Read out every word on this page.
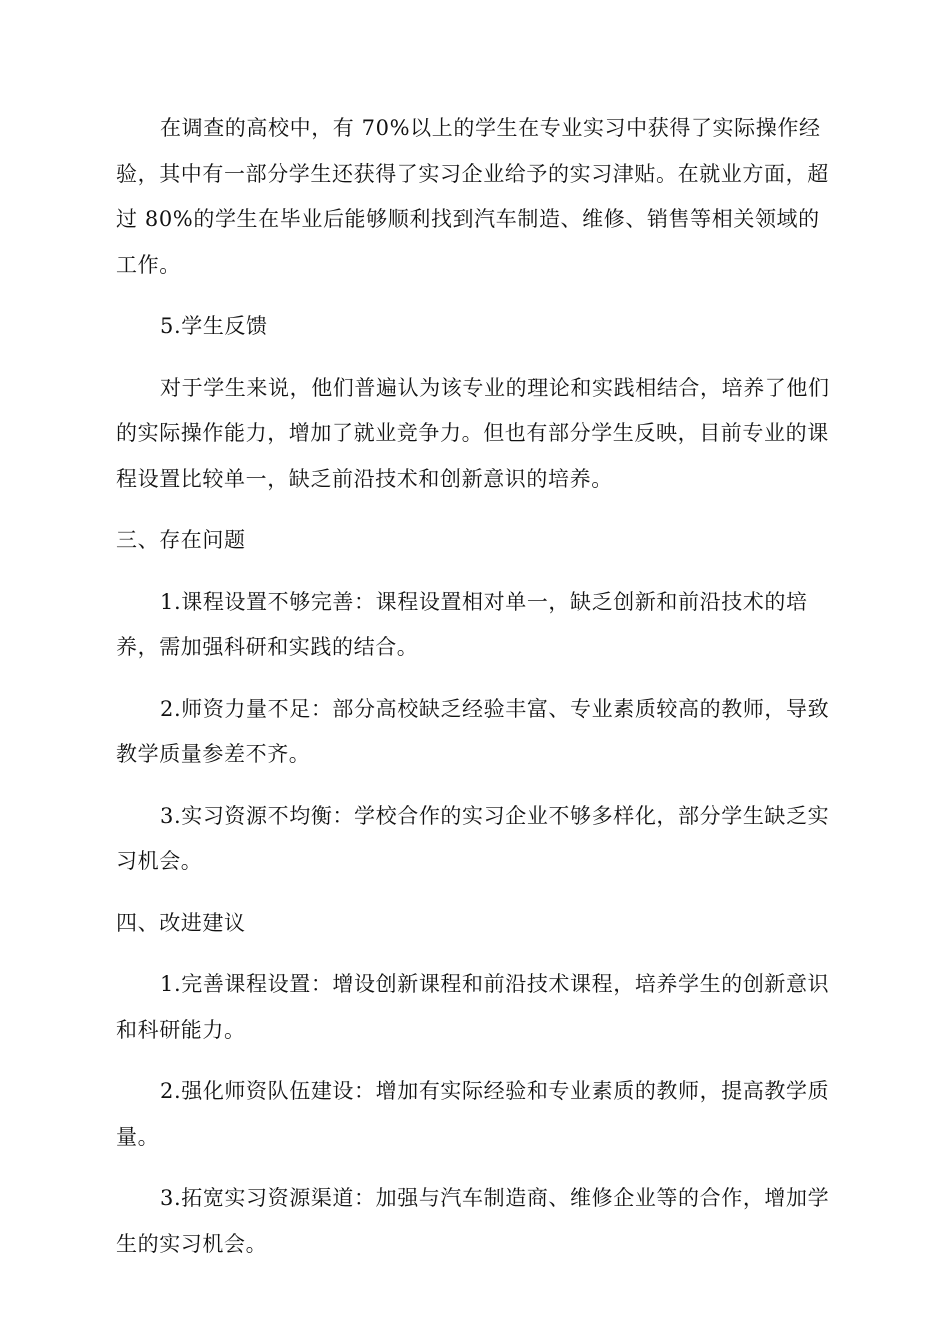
在调查的高校中，有 70%以上的学生在专业实习中获得了实际操作经验，其中有一部分学生还获得了实习企业给予的实习津贴。在就业方面，超过 80%的学生在毕业后能够顺利找到汽车制造、维修、销售等相关领域的工作。

5.学生反馈

对于学生来说，他们普遍认为该专业的理论和实践相结合，培养了他们的实际操作能力，增加了就业竞争力。但也有部分学生反映，目前专业的课程设置比较单一，缺乏前沿技术和创新意识的培养。

三、存在问题

1.课程设置不够完善：课程设置相对单一，缺乏创新和前沿技术的培养，需加强科研和实践的结合。

2.师资力量不足：部分高校缺乏经验丰富、专业素质较高的教师，导致教学质量参差不齐。

3.实习资源不均衡：学校合作的实习企业不够多样化，部分学生缺乏实习机会。

四、改进建议

1.完善课程设置：增设创新课程和前沿技术课程，培养学生的创新意识和科研能力。

2.强化师资队伍建设：增加有实际经验和专业素质的教师，提高教学质量。

3.拓宽实习资源渠道：加强与汽车制造商、维修企业等的合作，增加学生的实习机会。
